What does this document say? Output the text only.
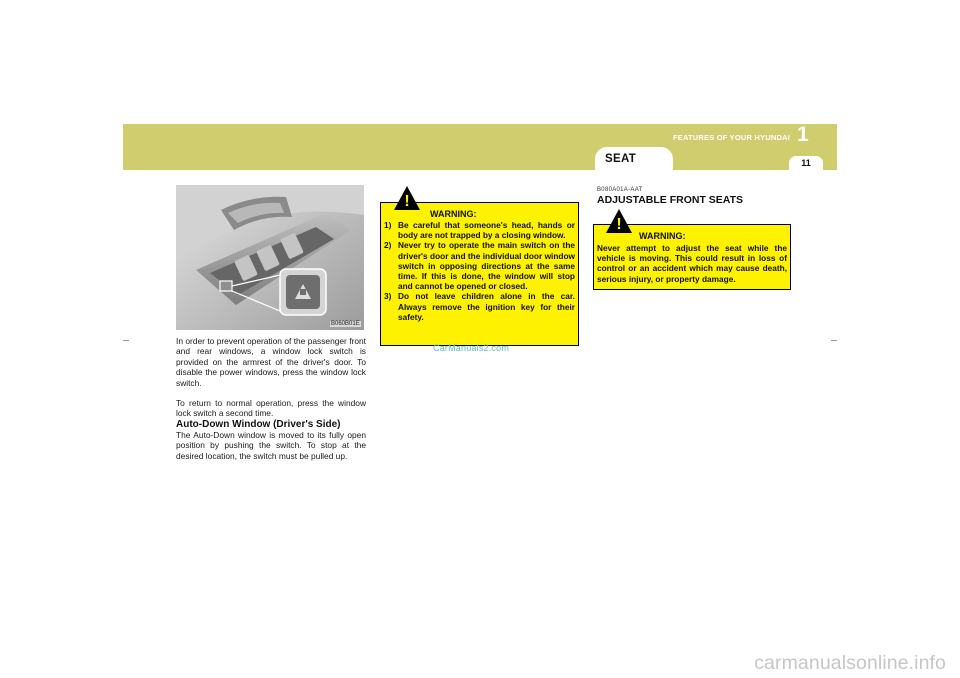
FEATURES OF YOUR HYUNDAI 1
SEAT	11
B060B01E
In order to prevent operation of the passenger front and rear windows, a window lock switch is provided on the armrest of the driver's door. To disable the power windows, press the window lock switch.
To return to normal operation, press the window lock switch a second time.
Auto-Down Window (Driver's Side)
The Auto-Down window is moved to its fully open position by pushing the switch. To stop at the desired location, the switch must be pulled up.
!
WARNING:
1) Be careful that someone's head, hands or body are not trapped by a closing window.
2) Never try to operate the main switch on the driver's door and the individual door window switch in opposing directions at the same time. If this is done, the window will stop and cannot be opened or closed.
3) Do not leave children alone in the car. Always remove the ignition key for their safety.
CarManuals2.com
B080A01A-AAT
ADJUSTABLE FRONT SEATS
!
WARNING:
Never attempt to adjust the seat while the vehicle is moving. This could result in loss of control or an accident which may cause death, serious injury, or property damage.
carmanualsonline.info
